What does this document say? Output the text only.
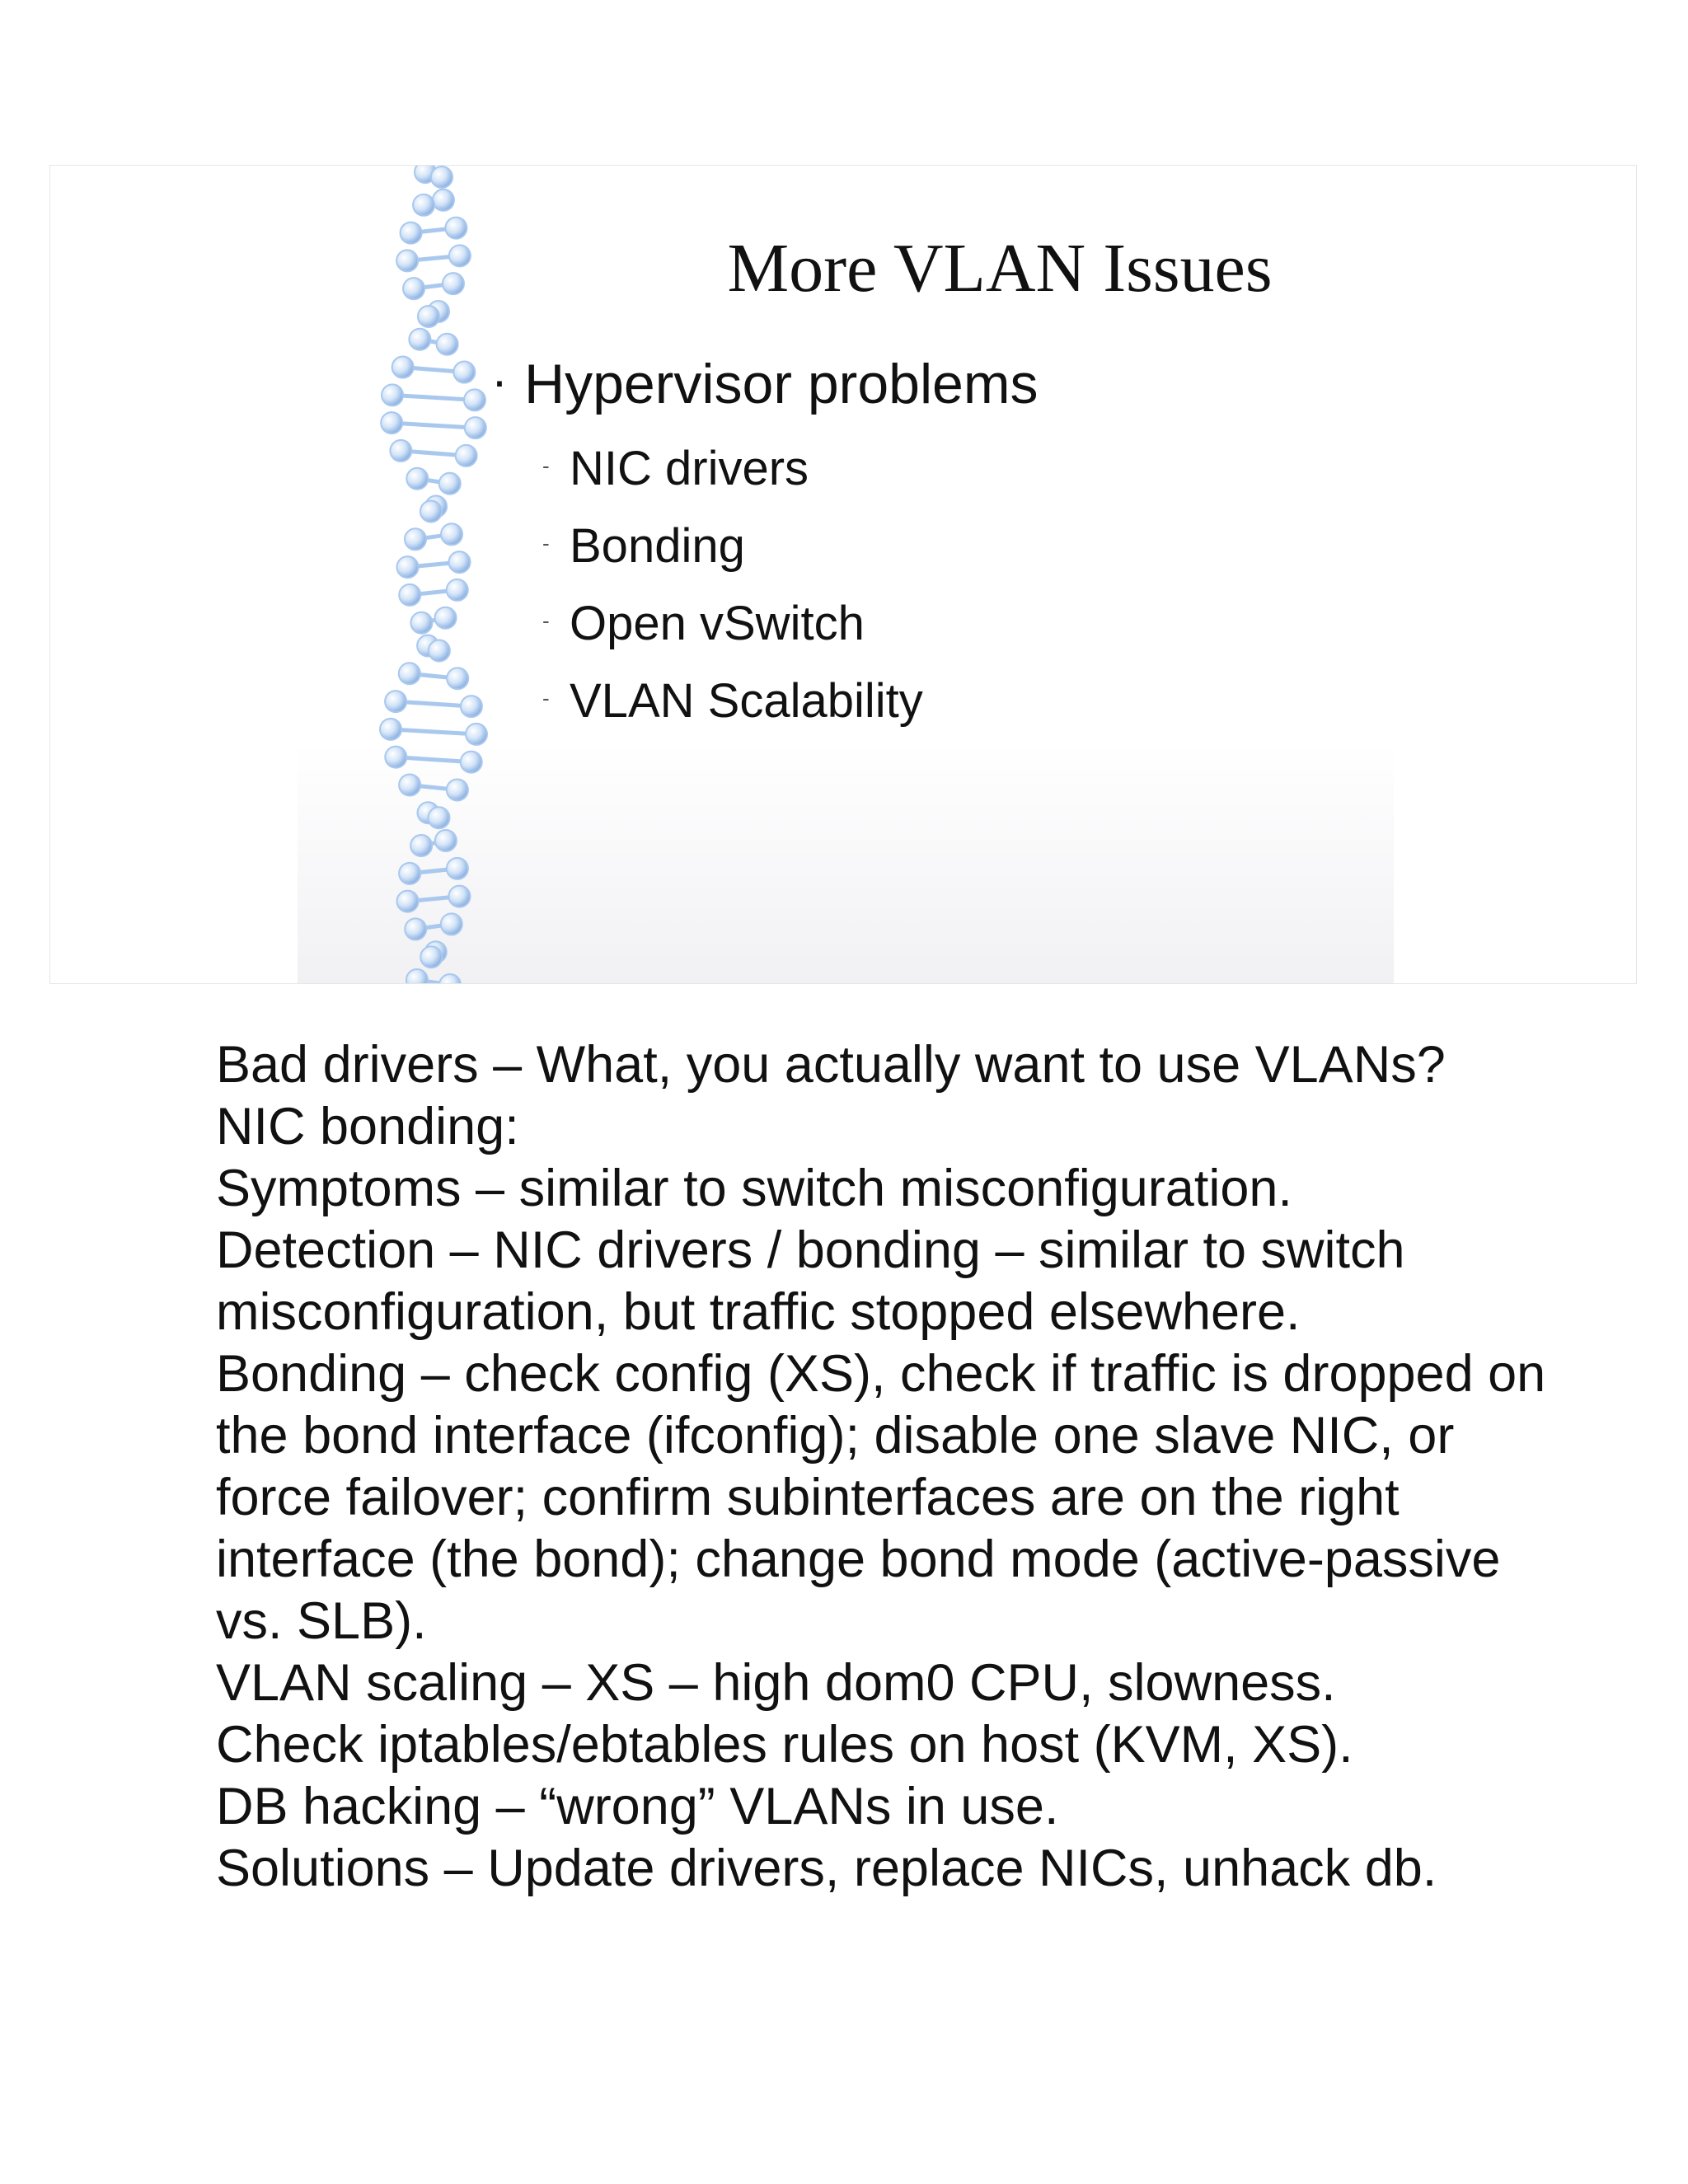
More VLAN Issues
· Hypervisor problems
- NIC drivers
- Bonding
- Open vSwitch
- VLAN Scalability

Bad drivers – What, you actually want to use VLANs?

NIC bonding:

Symptoms – similar to switch misconfiguration.

Detection – NIC drivers / bonding – similar to switch misconfiguration, but traffic stopped elsewhere.

Bonding – check config (XS), check if traffic is dropped on the bond interface (ifconfig); disable one slave NIC, or force failover; confirm subinterfaces are on the right interface (the bond); change bond mode (active-passive vs. SLB).

VLAN scaling – XS – high dom0 CPU, slowness.

Check iptables/ebtables rules on host (KVM, XS).

DB hacking – “wrong” VLANs in use.

Solutions – Update drivers, replace NICs, unhack db.
